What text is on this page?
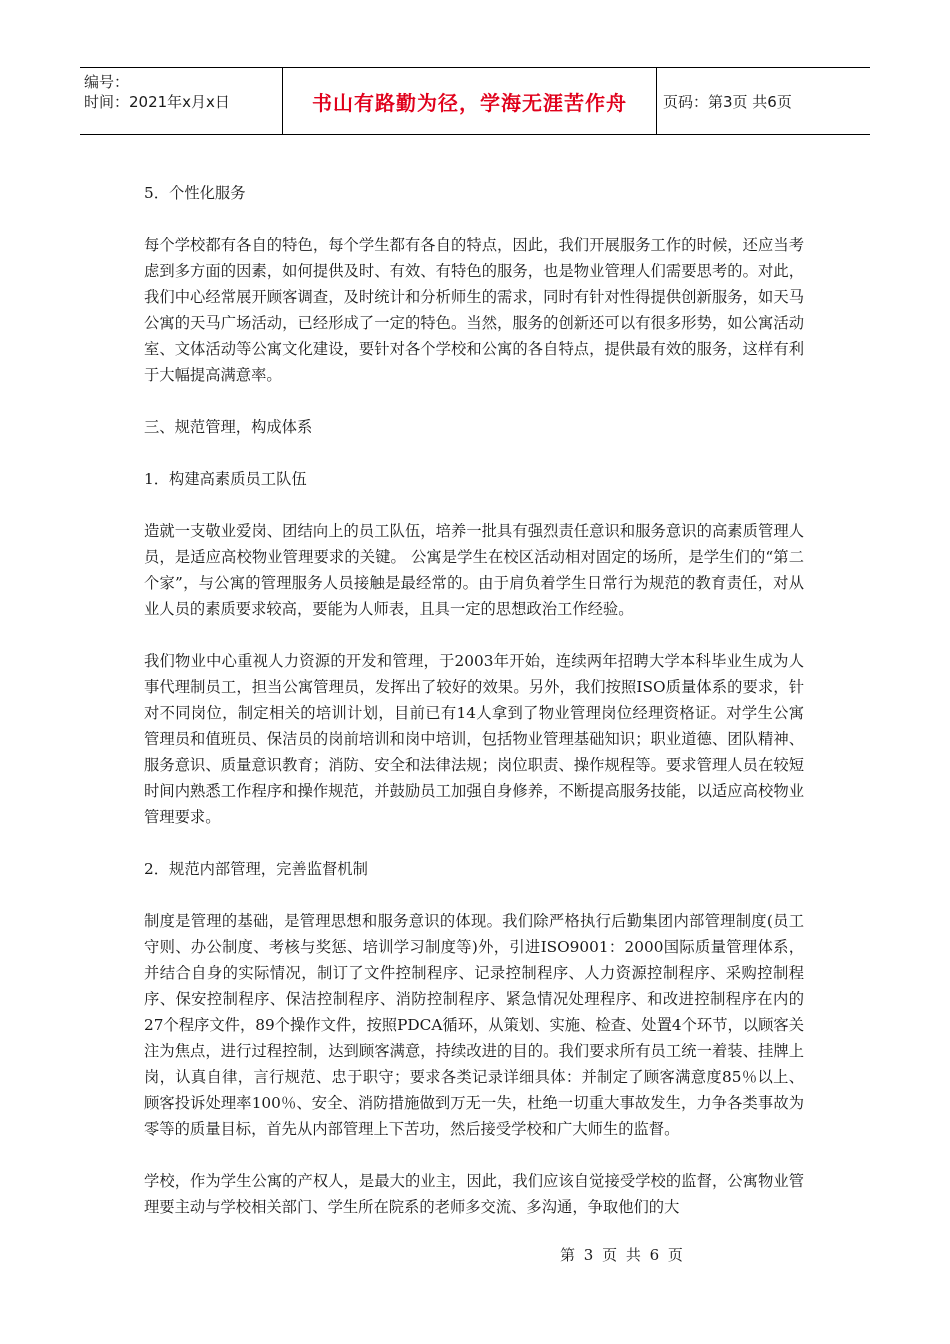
编号：
时间：2021年x月x日	书山有路勤为径，学海无涯苦作舟	页码：第3页 共6页

5．个性化服务

每个学校都有各自的特色，每个学生都有各自的特点，因此，我们开展服务工作的时候，还应当考虑到多方面的因素，如何提供及时、有效、有特色的服务，也是物业管理人们需要思考的。对此，我们中心经常展开顾客调查，及时统计和分析师生的需求，同时有针对性得提供创新服务，如天马公寓的天马广场活动，已经形成了一定的特色。当然，服务的创新还可以有很多形势，如公寓活动室、文体活动等公寓文化建设，要针对各个学校和公寓的各自特点，提供最有效的服务，这样有利于大幅提高满意率。

三、规范管理，构成体系

1．构建高素质员工队伍

造就一支敬业爱岗、团结向上的员工队伍，培养一批具有强烈责任意识和服务意识的高素质管理人员，是适应高校物业管理要求的关键。 公寓是学生在校区活动相对固定的场所，是学生们的“第二个家”，与公寓的管理服务人员接触是最经常的。由于肩负着学生日常行为规范的教育责任，对从业人员的素质要求较高，要能为人师表，且具一定的思想政治工作经验。

我们物业中心重视人力资源的开发和管理，于2003年开始，连续两年招聘大学本科毕业生成为人事代理制员工，担当公寓管理员，发挥出了较好的效果。另外，我们按照ISO质量体系的要求，针对不同岗位，制定相关的培训计划，目前已有14人拿到了物业管理岗位经理资格证。对学生公寓管理员和值班员、保洁员的岗前培训和岗中培训，包括物业管理基础知识；职业道德、团队精神、服务意识、质量意识教育；消防、安全和法律法规；岗位职责、操作规程等。要求管理人员在较短时间内熟悉工作程序和操作规范，并鼓励员工加强自身修养，不断提高服务技能，以适应高校物业管理要求。

2．规范内部管理，完善监督机制

制度是管理的基础，是管理思想和服务意识的体现。我们除严格执行后勤集团内部管理制度(员工守则、办公制度、考核与奖惩、培训学习制度等)外，引进ISO9001：2000国际质量管理体系，并结合自身的实际情况，制订了文件控制程序、记录控制程序、人力资源控制程序、采购控制程序、保安控制程序、保洁控制程序、消防控制程序、紧急情况处理程序、和改进控制程序在内的27个程序文件，89个操作文件，按照PDCA循环，从策划、实施、检查、处置4个环节，以顾客关注为焦点，进行过程控制，达到顾客满意，持续改进的目的。我们要求所有员工统一着装、挂牌上岗，认真自律，言行规范、忠于职守；要求各类记录详细具体：并制定了顾客满意度85％以上、顾客投诉处理率100％、安全、消防措施做到万无一失，杜绝一切重大事故发生，力争各类事故为零等的质量目标，首先从内部管理上下苦功，然后接受学校和广大师生的监督。

学校，作为学生公寓的产权人，是最大的业主，因此，我们应该自觉接受学校的监督，公寓物业管理要主动与学校相关部门、学生所在院系的老师多交流、多沟通，争取他们的大

第 3 页 共 6 页
